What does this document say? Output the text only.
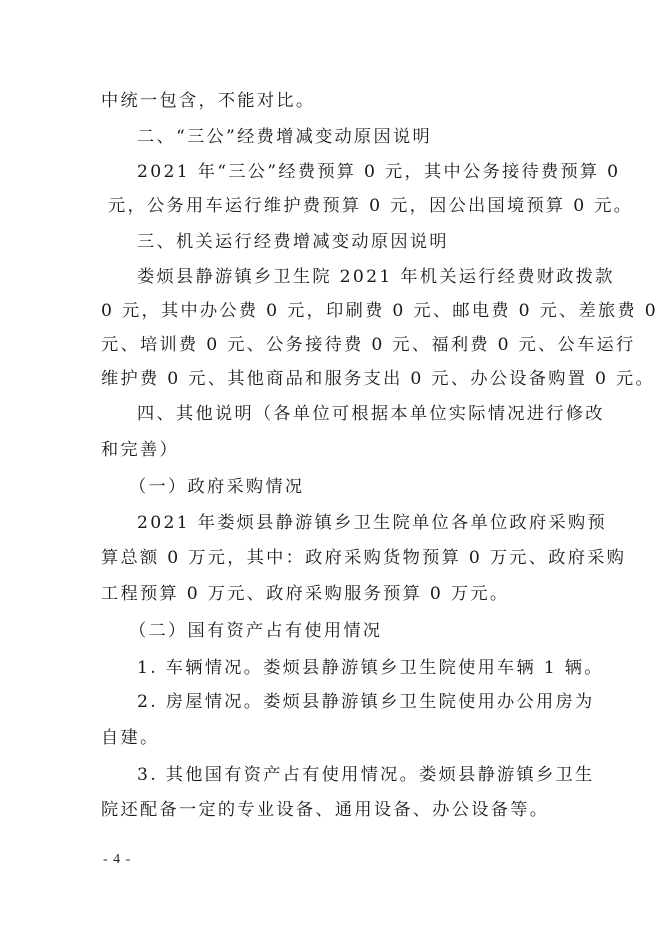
中统一包含，不能对比。
二、“三公”经费增减变动原因说明
2021 年“三公”经费预算 0 元，其中公务接待费预算 0
元，公务用车运行维护费预算 0 元，因公出国境预算 0 元。
三、机关运行经费增减变动原因说明
娄烦县静游镇乡卫生院 2021 年机关运行经费财政拨款
0 元，其中办公费 0 元，印刷费 0 元、邮电费 0 元、差旅费 0
元、培训费 0 元、公务接待费 0 元、福利费 0 元、公车运行
维护费 0 元、其他商品和服务支出 0 元、办公设备购置 0 元。
四、其他说明（各单位可根据本单位实际情况进行修改
和完善）
（一）政府采购情况
2021 年娄烦县静游镇乡卫生院单位各单位政府采购预
算总额 0 万元，其中：政府采购货物预算 0 万元、政府采购
工程预算 0 万元、政府采购服务预算 0 万元。
（二）国有资产占有使用情况
1. 车辆情况。娄烦县静游镇乡卫生院使用车辆 1 辆。
2. 房屋情况。娄烦县静游镇乡卫生院使用办公用房为
自建。
3. 其他国有资产占有使用情况。娄烦县静游镇乡卫生
院还配备一定的专业设备、通用设备、办公设备等。
- 4 -
